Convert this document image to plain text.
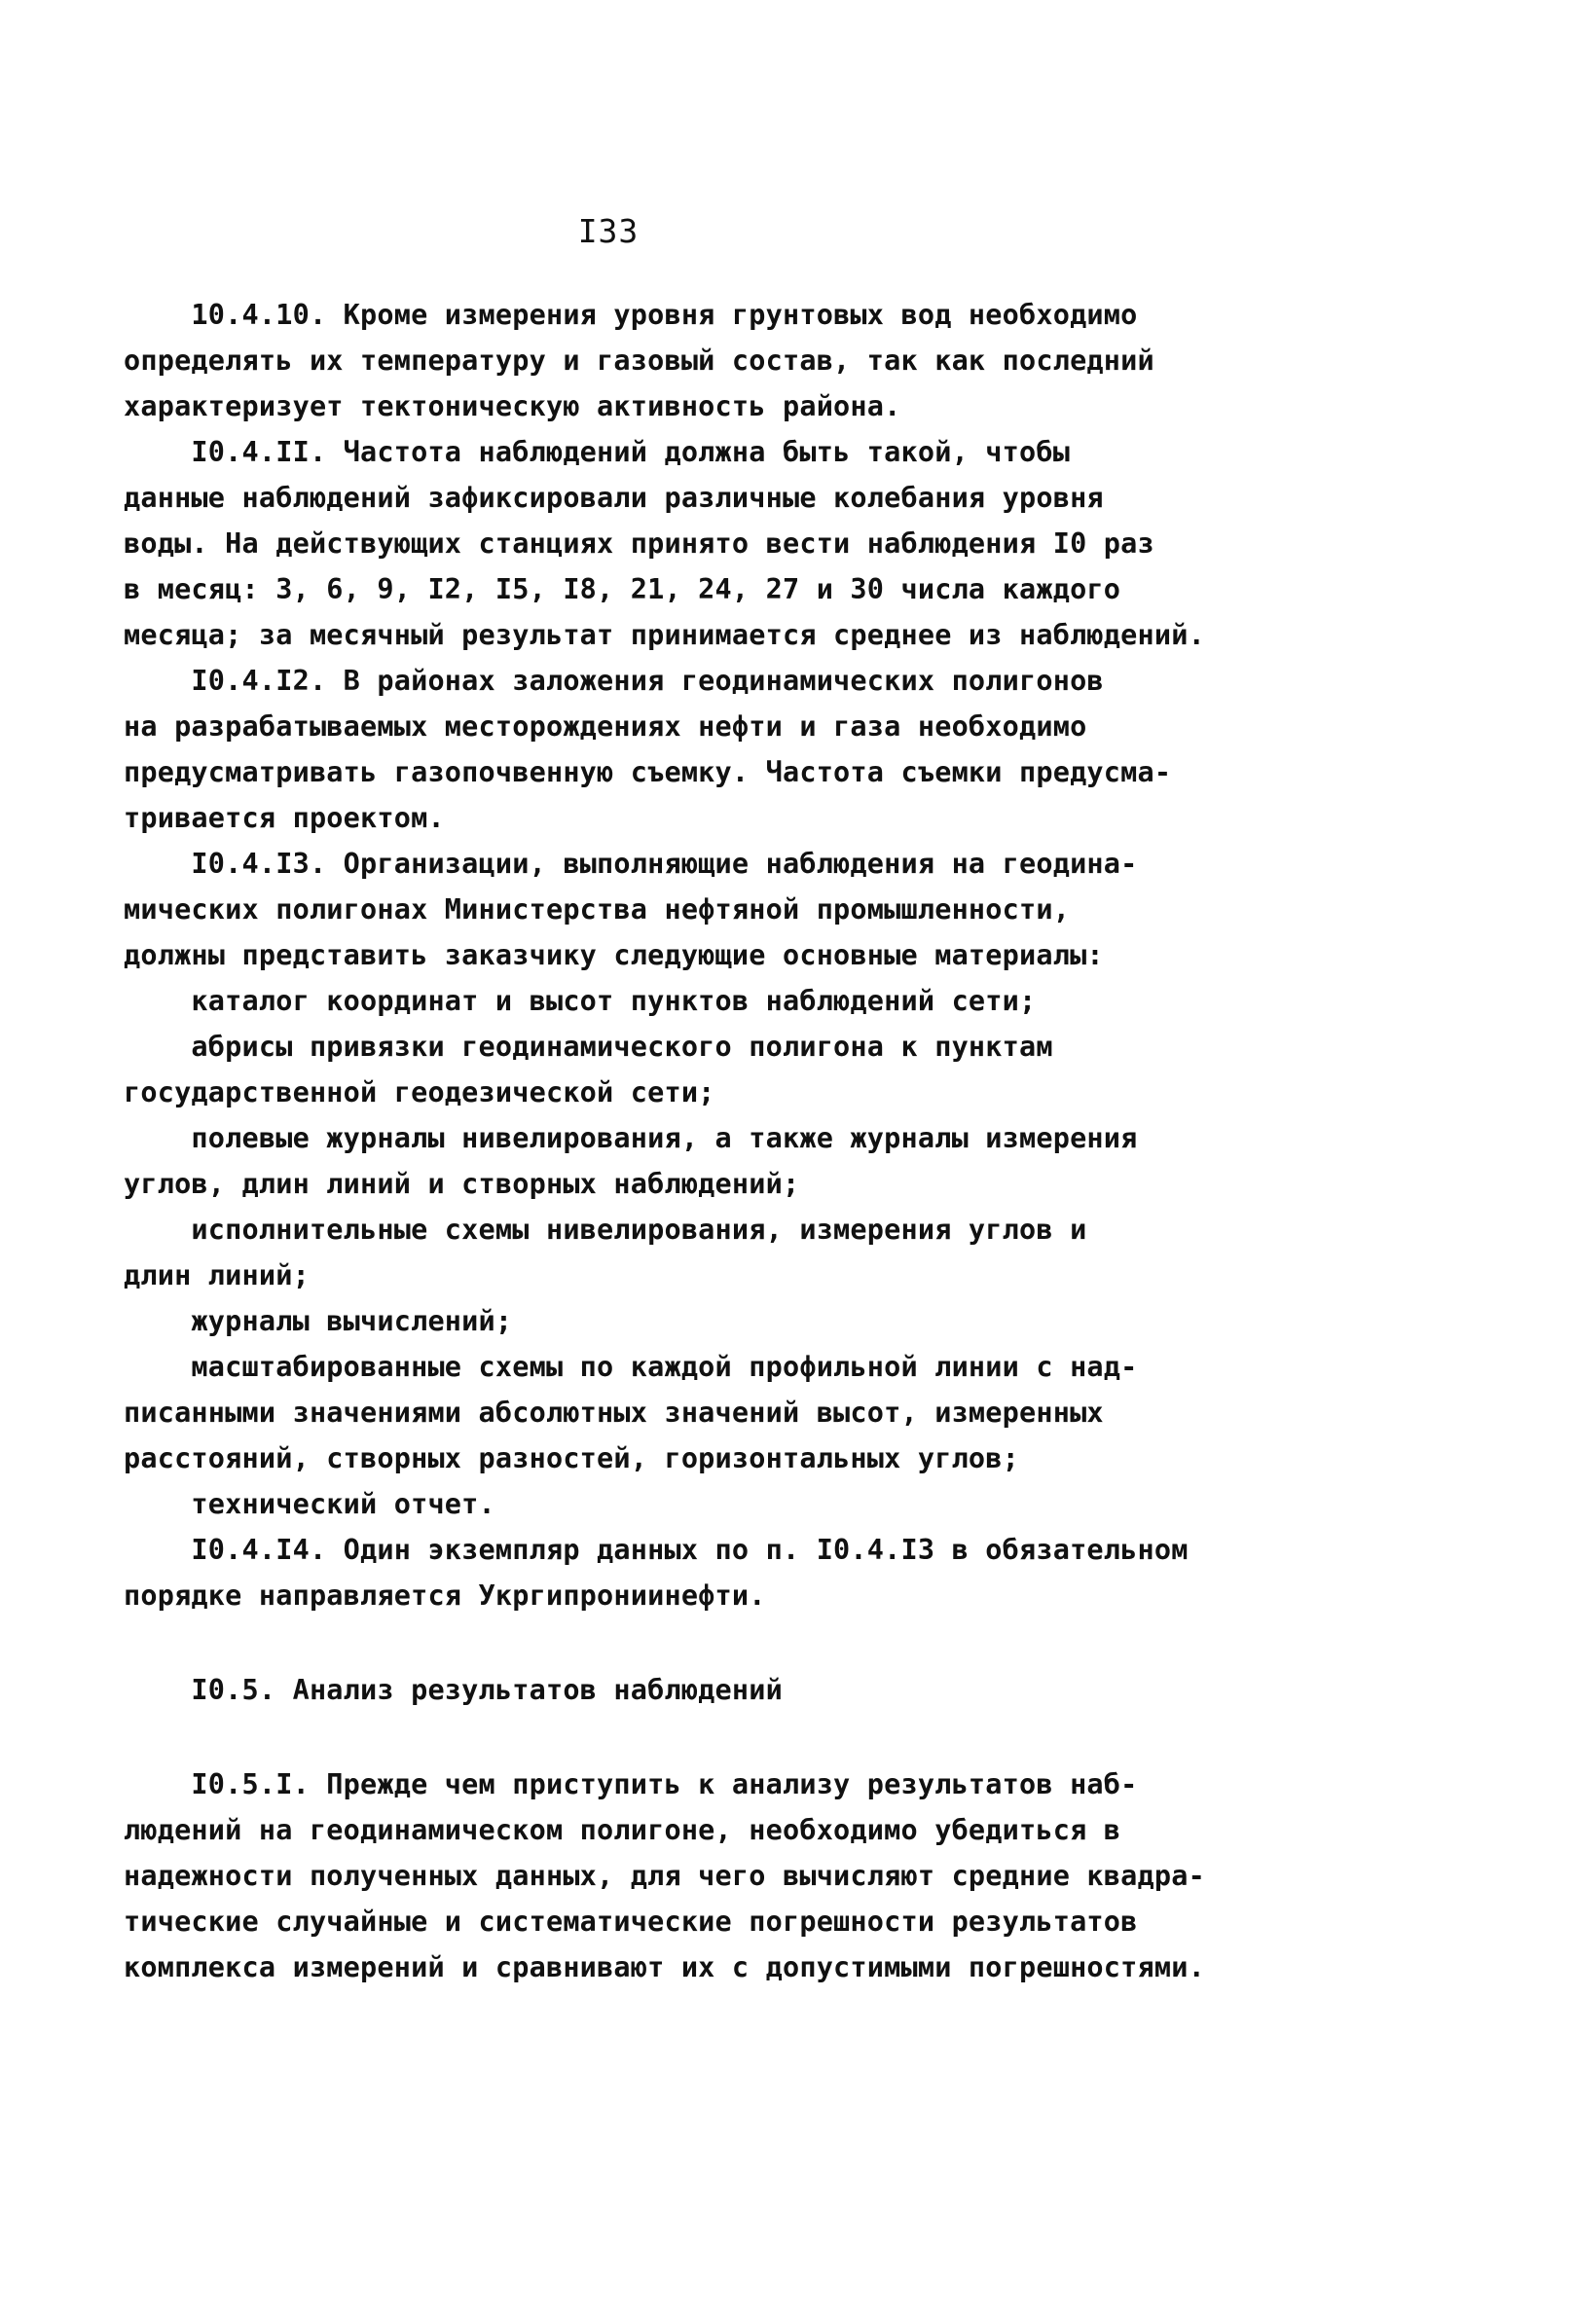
I33
10.4.10. Кроме измерения уровня грунтовых вод необходимо
определять их температуру и газовый состав, так как последний
характеризует тектоническую активность района.
I0.4.II. Частота наблюдений должна быть такой, чтобы
данные наблюдений зафиксировали различные колебания уровня
воды. На действующих станциях принято вести наблюдения I0 раз
в месяц: 3, 6, 9, I2, I5, I8, 21, 24, 27 и 30 числа каждого
месяца; за месячный результат принимается среднее из наблюдений.
I0.4.I2. В районах заложения геодинамических полигонов
на разрабатываемых месторождениях нефти и газа необходимо
предусматривать газопочвенную съемку. Частота съемки предусма-
тривается проектом.
I0.4.I3. Организации, выполняющие наблюдения на геодина-
мических полигонах Министерства нефтяной промышленности,
должны представить заказчику следующие основные материалы:
каталог координат и высот пунктов наблюдений сети;
абрисы привязки геодинамического полигона к пунктам
государственной геодезической сети;
полевые журналы нивелирования, а также журналы измерения
углов, длин линий и створных наблюдений;
исполнительные схемы нивелирования, измерения углов и
длин линий;
журналы вычислений;
масштабированные схемы по каждой профильной линии с над-
писанными значениями абсолютных значений высот, измеренных
расстояний, створных разностей, горизонтальных углов;
технический отчет.
I0.4.I4. Один экземпляр данных по п. I0.4.I3 в обязательном
порядке направляется Укргипрониинефти.
I0.5. Анализ результатов наблюдений
I0.5.I. Прежде чем приступить к анализу результатов наб-
людений на геодинамическом полигоне, необходимо убедиться в
надежности полученных данных, для чего вычисляют средние квадра-
тические случайные и систематические погрешности результатов
комплекса измерений и сравнивают их с допустимыми погрешностями.
